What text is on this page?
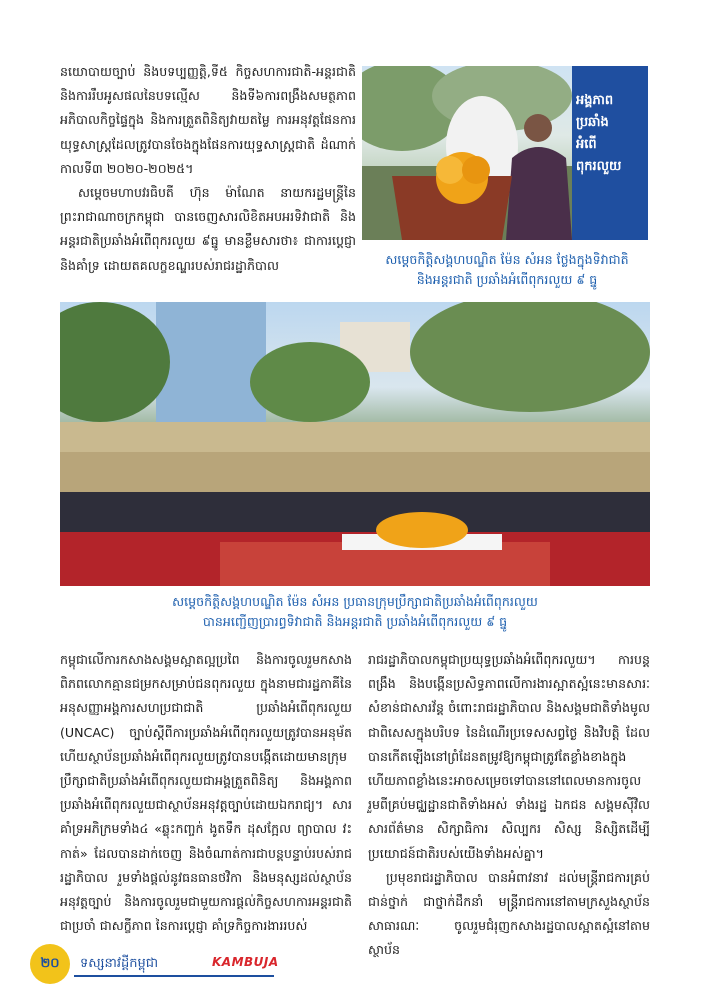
នយោបាយច្បាប់ និងបទប្បញ្ញត្តិ,ទី៥ កិច្ចសហការជាតិ-អន្តរជាតិ និងការរឹបអូសផលនៃបទល្មើស និងទី៦ការពង្រឹងសមត្ថភាព អភិបាលកិច្ចផ្ទៃក្នុង និងការត្រួតពិនិត្យវាយតម្លៃ ការអនុវត្តផែនការយុទ្ធសាស្ត្រដែលត្រូវបានចែងក្នុងផែនការយុទ្ធសាស្ត្រជាតិ ដំណាក់កាលទី៣ ២០២០-២០២៥។

សម្តេចមហាបវរធិបតី ហ៊ុន ម៉ាណែត នាយករដ្ឋមន្ត្រីនៃព្រះរាជាណាចក្រកម្ពុជា បានចេញសារលិខិតអបអរទិវាជាតិ និងអន្តរជាតិប្រឆាំងអំពើពុករលួយ ៩ធ្នូ មានខ្លឹមសារថា៖ ជាការប្តេជ្ញា និងគាំទ្រ ដោយតគលក្ខខណ្ឌរបស់រាជរដ្ឋាភិបាល

អង្គភាព
ប្រឆាំង
អំពើ
ពុករលួយ
សម្តេចកិត្តិសង្គហបណ្ឌិត ម៉ែន សំអន ថ្លែងក្នុងទិវាជាតិ
និងអន្តរជាតិ ប្រឆាំងអំពើពុករលួយ ៩ ធ្នូ
សម្តេចកិត្តិសង្គហបណ្ឌិត ម៉ែន សំអន ប្រធានក្រុមប្រឹក្សាជាតិប្រឆាំងអំពើពុករលួយ
បានអញ្ជើញប្រារព្ធទិវាជាតិ និងអន្តរជាតិ ប្រឆាំងអំពើពុករលួយ ៩ ធ្នូ

កម្ពុជាលើការកសាងសង្គមស្អាតល្អប្រពៃ និងការចូលរួមកសាងពិភពលោកគ្មានជម្រកសម្រាប់ជនពុករលួយ ក្នុងនាមជារដ្ឋភាគីនៃអនុសញ្ញាអង្គការសហប្រជាជាតិ ប្រឆាំងអំពើពុករលួយ (UNCAC) ច្បាប់ស្តីពីការប្រឆាំងអំពើពុករលួយត្រូវបានអនុម័ត ហើយស្ថាប័នប្រឆាំងអំពើពុករលួយត្រូវបានបង្កើតដោយមានក្រុមប្រឹក្សាជាតិប្រឆាំងអំពើពុករលួយជាអង្គត្រួតពិនិត្យ និងអង្គភាពប្រឆាំងអំពើពុករលួយជាស្ថាប័នអនុវត្តច្បាប់ដោយឯករាជ្យ។ សារគាំទ្រអភិក្រមទាំង៤ «ឆ្លុះកញ្ចក់ ងូតទឹក ដុសក្អែល ព្យាបាល វះកាត់» ដែលបានដាក់ចេញ និងចំណាត់ការជាបន្តបន្ទាប់របស់រាជរដ្ឋាភិបាល រួមទាំងផ្តល់នូវធនធានថវិកា និងមនុស្សដល់ស្ថាប័នអនុវត្តច្បាប់ និងការចូលរួមជាមួយការផ្តល់កិច្ចសហការអន្តរជាតិជាប្រចាំ ជាសក្ខីភាព នៃការប្តេជ្ញា គាំទ្រកិច្ចការងាររបស់

រាជរដ្ឋាភិបាលកម្ពុជាប្រយុទ្ធប្រឆាំងអំពើពុករលួយ។ ការបន្តពង្រឹង និងបង្កើនប្រសិទ្ធភាពលើការងារស្អាតស្អំនេះមានសារៈសំខាន់ជាសារវ័ន្ត ចំពោះរាជរដ្ឋាភិបាល និងសង្គមជាតិទាំងមូល ជាពិសេសក្នុងបរិបទ នៃដំណើរប្រទេសសព្វថ្ងៃ និងវិបត្តិ ដែលបានកើតឡើងនៅព្រំដែនតម្រូវឱ្យកម្ពុជាត្រូវតែខ្លាំងខាងក្នុង ហើយភាពខ្លាំងនេះអាចសម្រេចទៅបាននៅពេលមានការចូលរួមពីគ្រប់មជ្ឈដ្ឋានជាតិទាំងអស់ ទាំងរដ្ឋ ឯកជន សង្គមស៊ីវិល សារព័ត៌មាន សិក្សាធិការ សិល្បករ សិស្ស និស្សិតដើម្បីប្រយោជន៍ជាតិរបស់យើងទាំងអស់គ្នា។

ប្រមុខរាជរដ្ឋាភិបាល បានអំពាវនាវ ដល់មន្ត្រីរាជការគ្រប់ជាន់ថ្នាក់ ជាថ្នាក់ដឹកនាំ មន្ត្រីរាជការនៅតាមក្រសួងស្ថាប័ន សាធារណៈ ចូលរួមជំរុញកសាងរដ្ឋបាលស្អាតស្អំនៅតាមស្ថាប័ន

២០	ទស្សនាវដ្តីកម្ពុជា	KAMBUJA
